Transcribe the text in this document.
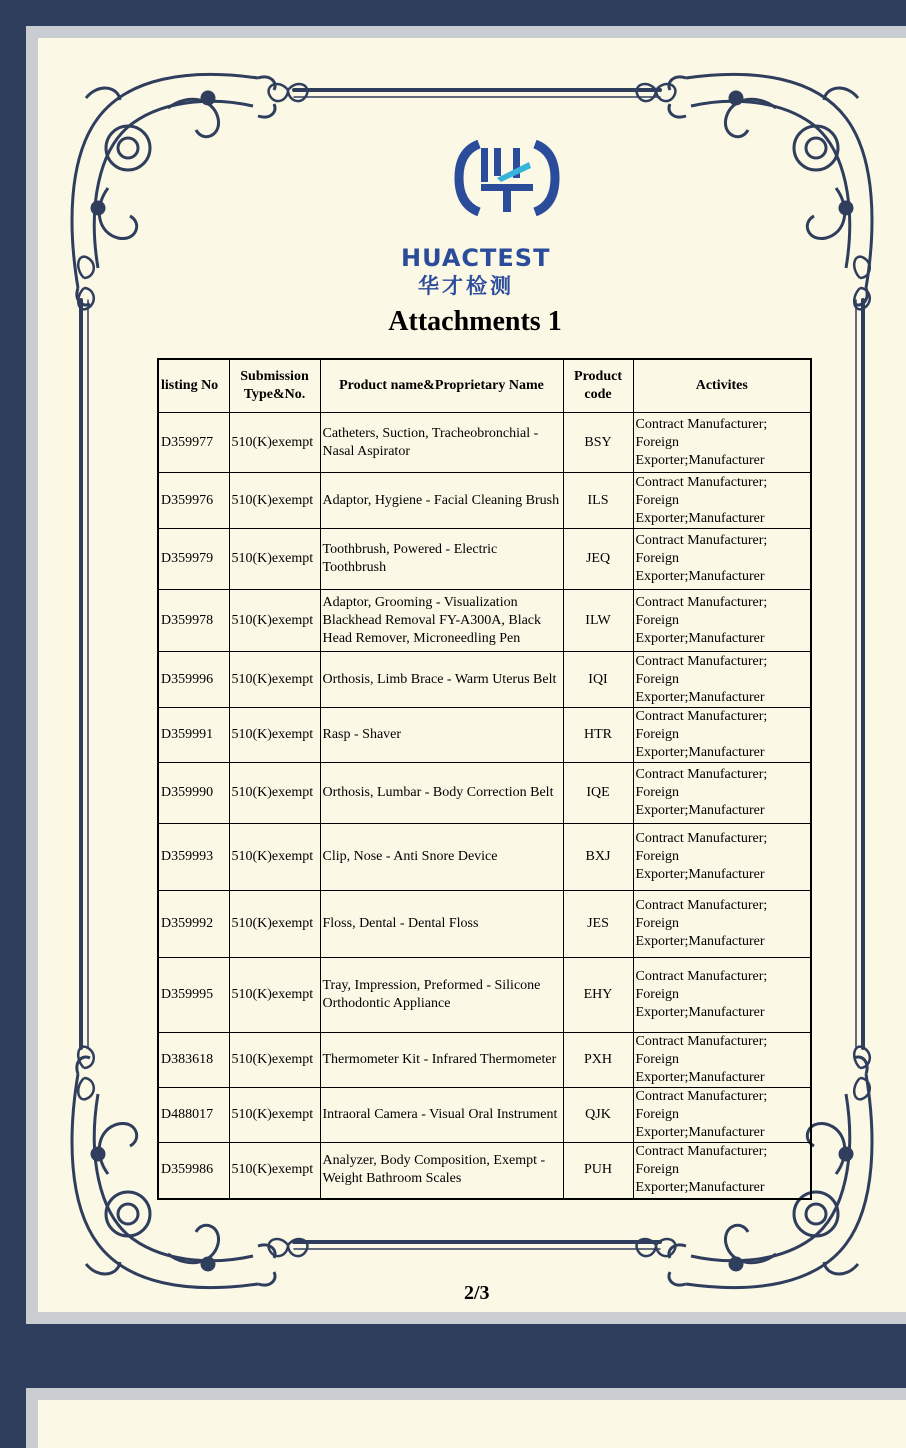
HUACTEST
华才检测
Attachments 1
listing No	Submission Type&No.	Product name&Proprietary Name	Product code	Activites
D359977	510(K)exempt	Catheters, Suction, Tracheobronchial - Nasal Aspirator	BSY	Contract Manufacturer; Foreign Exporter;Manufacturer
D359976	510(K)exempt	Adaptor, Hygiene - Facial Cleaning Brush	ILS	Contract Manufacturer; Foreign Exporter;Manufacturer
D359979	510(K)exempt	Toothbrush, Powered - Electric Toothbrush	JEQ	Contract Manufacturer; Foreign Exporter;Manufacturer
D359978	510(K)exempt	Adaptor, Grooming - Visualization Blackhead Removal FY-A300A, Black Head Remover, Microneedling Pen	ILW	Contract Manufacturer; Foreign Exporter;Manufacturer
D359996	510(K)exempt	Orthosis, Limb Brace - Warm Uterus Belt	IQI	Contract Manufacturer; Foreign Exporter;Manufacturer
D359991	510(K)exempt	Rasp - Shaver	HTR	Contract Manufacturer; Foreign Exporter;Manufacturer
D359990	510(K)exempt	Orthosis, Lumbar - Body Correction Belt	IQE	Contract Manufacturer; Foreign Exporter;Manufacturer
D359993	510(K)exempt	Clip, Nose - Anti Snore Device	BXJ	Contract Manufacturer; Foreign Exporter;Manufacturer
D359992	510(K)exempt	Floss, Dental - Dental Floss	JES	Contract Manufacturer; Foreign Exporter;Manufacturer
D359995	510(K)exempt	Tray, Impression, Preformed - Silicone Orthodontic Appliance	EHY	Contract Manufacturer; Foreign Exporter;Manufacturer
D383618	510(K)exempt	Thermometer Kit - Infrared Thermometer	PXH	Contract Manufacturer; Foreign Exporter;Manufacturer
D488017	510(K)exempt	Intraoral Camera - Visual Oral Instrument	QJK	Contract Manufacturer; Foreign Exporter;Manufacturer
D359986	510(K)exempt	Analyzer, Body Composition, Exempt - Weight Bathroom Scales	PUH	Contract Manufacturer; Foreign Exporter;Manufacturer
2/3
